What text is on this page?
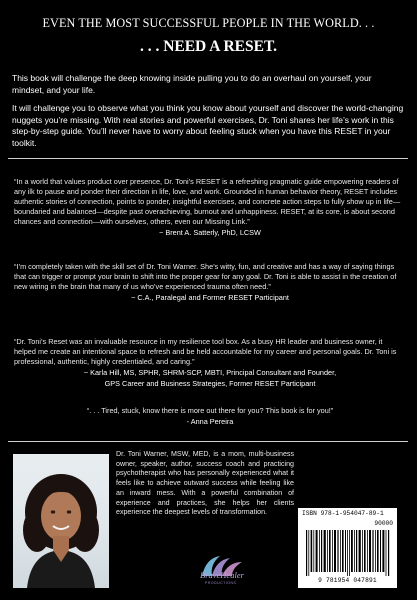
EVEN THE MOST SUCCESSFUL PEOPLE IN THE WORLD. . .
. . . NEED A RESET.
This book will challenge the deep knowing inside pulling you to do an overhaul on yourself, your mindset, and your life.
It will challenge you to observe what you think you know about yourself and discover the world-changing nuggets you’re missing. With real stories and powerful exercises, Dr. Toni shares her life’s work in this step-by-step guide. You’ll never have to worry about feeling stuck when you have this RESET in your toolkit.
“In a world that values product over presence, Dr. Toni’s RESET is a refreshing pragmatic guide empowering readers of any ilk to pause and ponder their direction in life, love, and work. Grounded in human behavior theory, RESET includes authentic stories of connection, points to ponder, insightful exercises, and concrete action steps to fully show up in life—boundaried and balanced—despite past overachieving, burnout and unhappiness. RESET, at its core, is about second chances and connection—with ourselves, others, even our Missing Link.”
~ Brent A. Satterly, PhD, LCSW
“I’m completely taken with the skill set of Dr. Toni Warner. She’s witty, fun, and creative and has a way of saying things that can trigger or prompt your brain to shift into the proper gear for any goal. Dr. Toni is able to assist in the creation of new wiring in the brain that many of us who’ve experienced trauma often need.”
~ C.A., Paralegal and Former RESET Participant
“Dr. Toni’s Reset was an invaluable resource in my resilience tool box. As a busy HR leader and business owner, it helped me create an intentional space to refresh and be held accountable for my career and personal goals. Dr. Toni is professional, authentic, highly credentialed, and caring.”
~ Karla Hill, MS, SPHR, SHRM-SCP, MBTI, Principal Consultant and Founder,
GPS Career and Business Strategies, Former RESET Participant
“. . . Tired, stuck, know there is more out there for you? This book is for you!”
- Anna Pereira
Dr. Toni Warner, MSW, MED, is a mom, multi-business owner, speaker, author, success coach and practicing psychotherapist who has personally experienced what it feels like to achieve outward success while feeling like an inward mess. With a powerful combination of experience and practices, she helps her clients experience the deepest levels of transformation.
BraveHealer
PRODUCTIONS
ISBN 978-1-954047-89-1
90000
9 781954 047891
